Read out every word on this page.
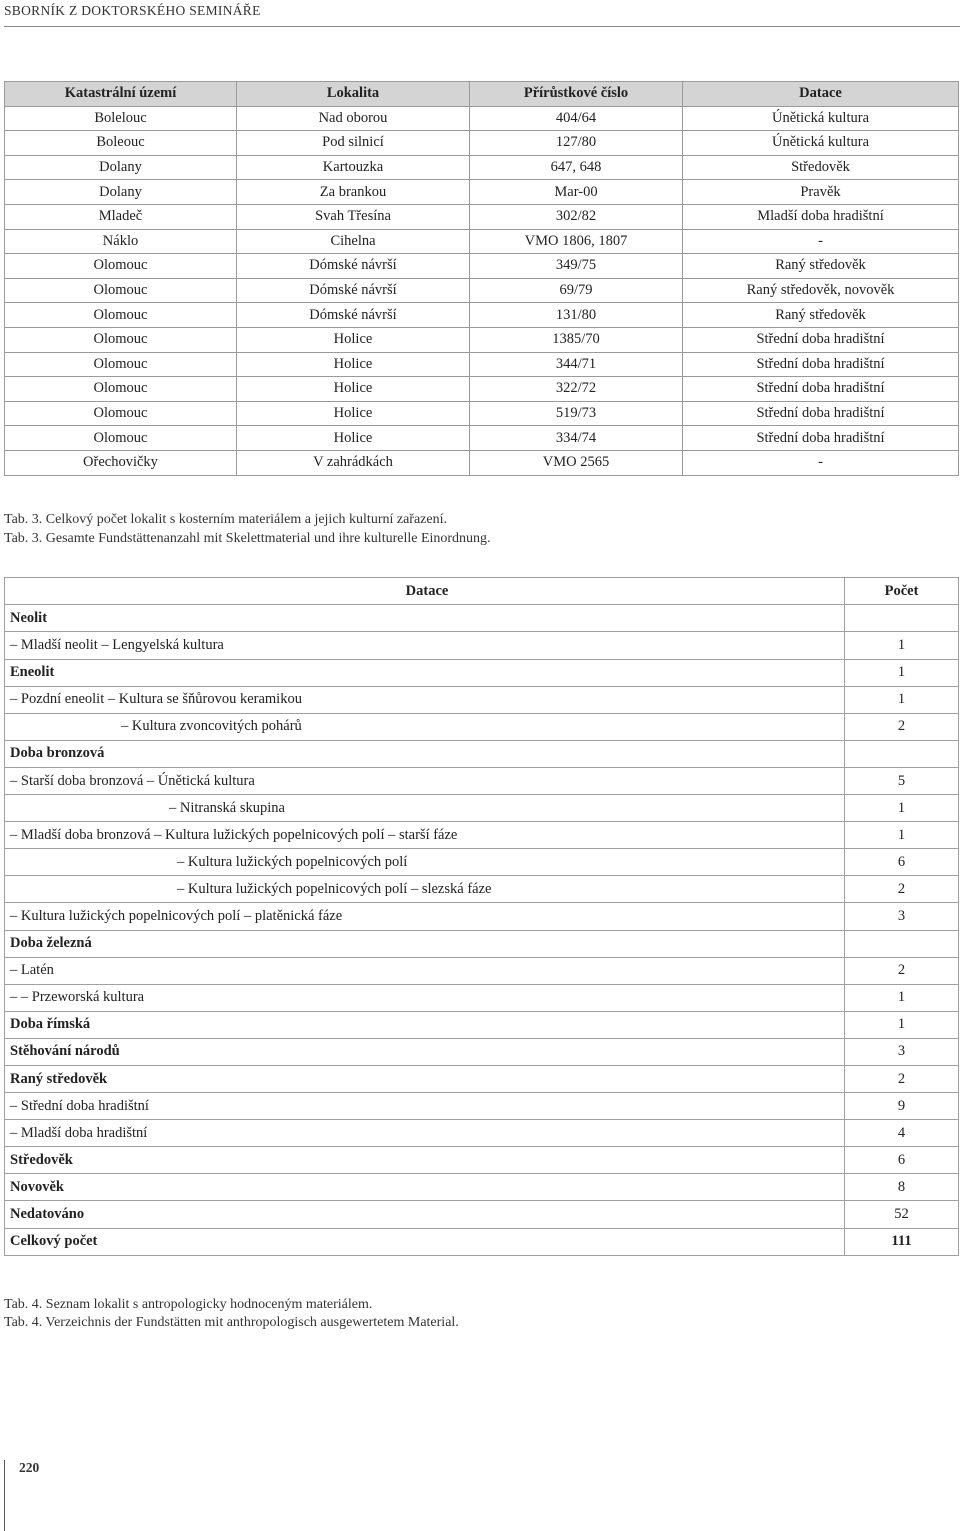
SBORNÍK Z DOKTORSKÉHO SEMINÁŘE
Katastrální území	Lokalita	Přírůstkové číslo	Datace
Bolelouc	Nad oborou	404/64	Únětická kultura
Boleouc	Pod silnicí	127/80	Únětická kultura
Dolany	Kartouzka	647, 648	Středověk
Dolany	Za brankou	Mar-00	Pravěk
Mladeč	Svah Třesína	302/82	Mladší doba hradištní
Náklo	Cihelna	VMO 1806, 1807	-
Olomouc	Dómské návrší	349/75	Raný středověk
Olomouc	Dómské návrší	69/79	Raný středověk, novověk
Olomouc	Dómské návrší	131/80	Raný středověk
Olomouc	Holice	1385/70	Střední doba hradištní
Olomouc	Holice	344/71	Střední doba hradištní
Olomouc	Holice	322/72	Střední doba hradištní
Olomouc	Holice	519/73	Střední doba hradištní
Olomouc	Holice	334/74	Střední doba hradištní
Ořechovičky	V zahrádkách	VMO 2565	-
Tab. 3. Celkový počet lokalit s kosterním materiálem a jejich kulturní zařazení.
Tab. 3. Gesamte Fundstättenanzahl mit Skelettmaterial und ihre kulturelle Einordnung.
Datace	Počet
Neolit	
– Mladší neolit – Lengyelská kultura	1
Eneolit	1
– Pozdní eneolit – Kultura se šňůrovou keramikou	1
– Kultura zvoncovitých pohárů	2
Doba bronzová	
– Starší doba bronzová – Únětická kultura	5
– Nitranská skupina	1
– Mladší doba bronzová – Kultura lužických popelnicových polí – starší fáze	1
– Kultura lužických popelnicových polí	6
– Kultura lužických popelnicových polí – slezská fáze	2
– Kultura lužických popelnicových polí – platěnická fáze	3
Doba železná	
– Latén	2
– – Przeworská kultura	1
Doba římská	1
Stěhování národů	3
Raný středověk	2
– Střední doba hradištní	9
– Mladší doba hradištní	4
Středověk	6
Novověk	8
Nedatováno	52
Celkový počet	111
Tab. 4. Seznam lokalit s antropologicky hodnoceným materiálem.
Tab. 4. Verzeichnis der Fundstätten mit anthropologisch ausgewertetem Material.
220
